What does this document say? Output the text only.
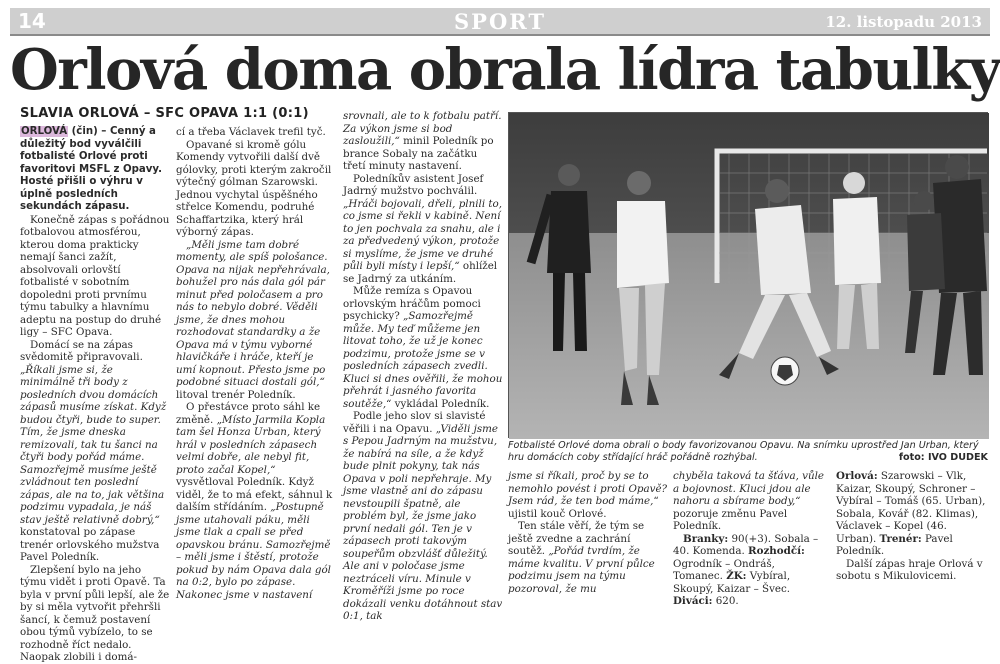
14	SPORT	12. listopadu 2013
Orlová doma obrala lídra tabulky
SLAVIA ORLOVÁ – SFC OPAVA 1:1 (0:1)

ORLOVÁ (čin) – Cenný a důležitý bod vyválčili fotbalisté Orlové proti favoritovi MSFL z Opavy. Hosté přišli o výhru v úplně posledních sekundách zápasu.

Konečně zápas s pořádnou fotbalovou atmosférou, kterou doma prakticky nemají šanci zažít, absolvovali orlovští fotbalisté v sobotním dopoledni proti prvnímu týmu tabulky a hlavnímu adeptu na postup do druhé ligy – SFC Opava.

Domácí se na zápas svědomitě připravovali. „Říkali jsme si, že minimálně tři body z posledních dvou domácích zápasů musíme získat. Když budou čtyři, bude to super. Tím, že jsme dneska remizovali, tak tu šanci na čtyři body pořád máme. Samozřejmě musíme ještě zvládnout ten poslední zápas, ale na to, jak většina podzimu vypadala, je náš stav ještě relativně dobrý,“ konstatoval po zápase trenér orlovského mužstva Pavel Poledník.

Zlepšení bylo na jeho týmu vidět i proti Opavě. Ta byla v první půli lepší, ale že by si měla vytvořit přehršli šancí, k čemuž postavení obou týmů vybízelo, to se rozhodně říct nedalo. Naopak zlobili i domá-

cí a třeba Václavek trefil tyč.

Opavané si kromě gólu Komendy vytvořili další dvě gólovky, proti kterým zakročil výtečný gólman Szarowski. Jednou vychytal úspěšného střelce Komendu, podruhé Schaffartzika, který hrál výborný zápas.

„Měli jsme tam dobré momenty, ale spíš pološance. Opava na nijak nepřehrávala, bohužel pro nás dala gól pár minut před poločasem a pro nás to nebylo dobré. Věděli jsme, že dnes mohou rozhodovat standardky a že Opava má v týmu vyborné hlavičkáře i hráče, kteří je umí kopnout. Přesto jsme po podobné situaci dostali gól,“ litoval trenér Poledník.

O přestávce proto sáhl ke změně. „Místo Jarmila Kopla tam šel Honza Urban, který hrál v posledních zápasech velmi dobře, ale nebyl fit, proto začal Kopel,“ vysvětloval Poledník. Když viděl, že to má efekt, sáhnul k dalším střídáním. „Postupně jsme utahovali páku, měli jsme tlak a cpali se před opavskou bránu. Samozřejmě – měli jsme i štěstí, protože pokud by nám Opava dala gól na 0:2, bylo po zápase. Nakonec jsme v nastavení

srovnali, ale to k fotbalu patří. Za výkon jsme si bod zasloužili,“ minil Poledník po brance Sobaly na začátku třetí minuty nastavení.

Poledníkův asistent Josef Jadrný mužstvo pochválil. „Hráči bojovali, dřeli, plnili to, co jsme si řekli v kabině. Není to jen pochvala za snahu, ale i za předvedený výkon, protože si myslíme, že jsme ve druhé půli byli místy i lepší,“ ohlížel se Jadrný za utkáním.

Může remíza s Opavou orlovským hráčům pomoci psychicky? „Samozřejmě může. My teď můžeme jen litovat toho, že už je konec podzimu, protože jsme se v posledních zápasech zvedli. Kluci si dnes ověřili, že mohou přehrát i jasného favorita soutěže,“ vykládal Poledník.

Podle jeho slov si slavisté věřili i na Opavu. „Viděli jsme s Pepou Jadrným na mužstvu, že nabírá na síle, a že když bude plnit pokyny, tak nás Opava v poli nepřehraje. My jsme vlastně ani do zápasu nevstoupili špatně, ale problém byl, že jsme jako první nedali gól. Ten je v zápasech proti takovým soupeřům obzvlášť důležitý. Ale ani v poločase jsme neztráceli víru. Minule v Kroměříži jsme po roce dokázali venku dotáhnout stav 0:1, tak

Fotbalisté Orlové doma obrali o body favorizovanou Opavu. Na snímku uprostřed Jan Urban, který hru domácích coby střídající hráč pořádně rozhýbal.	foto: IVO DUDEK

jsme si říkali, proč by se to nemohlo povést i proti Opavě? Jsem rád, že ten bod máme,“ ujistil kouč Orlové.

Ten stále věří, že tým se ještě zvedne a zachrání soutěž. „Pořád tvrdím, že máme kvalitu. V první půlce podzimu jsem na týmu pozoroval, že mu

chyběla taková ta šťáva, vůle a bojovnost. Kluci jdou ale nahoru a sbírame body,“ pozoruje změnu Pavel Poledník.

Branky: 90(+3). Sobala – 40. Komenda. Rozhodčí: Ogrodník – Ondráš, Tomanec. ŽK: Vybíral, Skoupý, Kaizar – Švec. Diváci: 620.

Orlová: Szarowski – Vlk, Kaizar, Skoupý, Schroner – Vybíral – Tomáš (65. Urban), Sobala, Kovář (82. Klimas), Václavek – Kopel (46. Urban). Trenér: Pavel Poledník.

Další zápas hraje Orlová v sobotu s Mikulovicemi.
